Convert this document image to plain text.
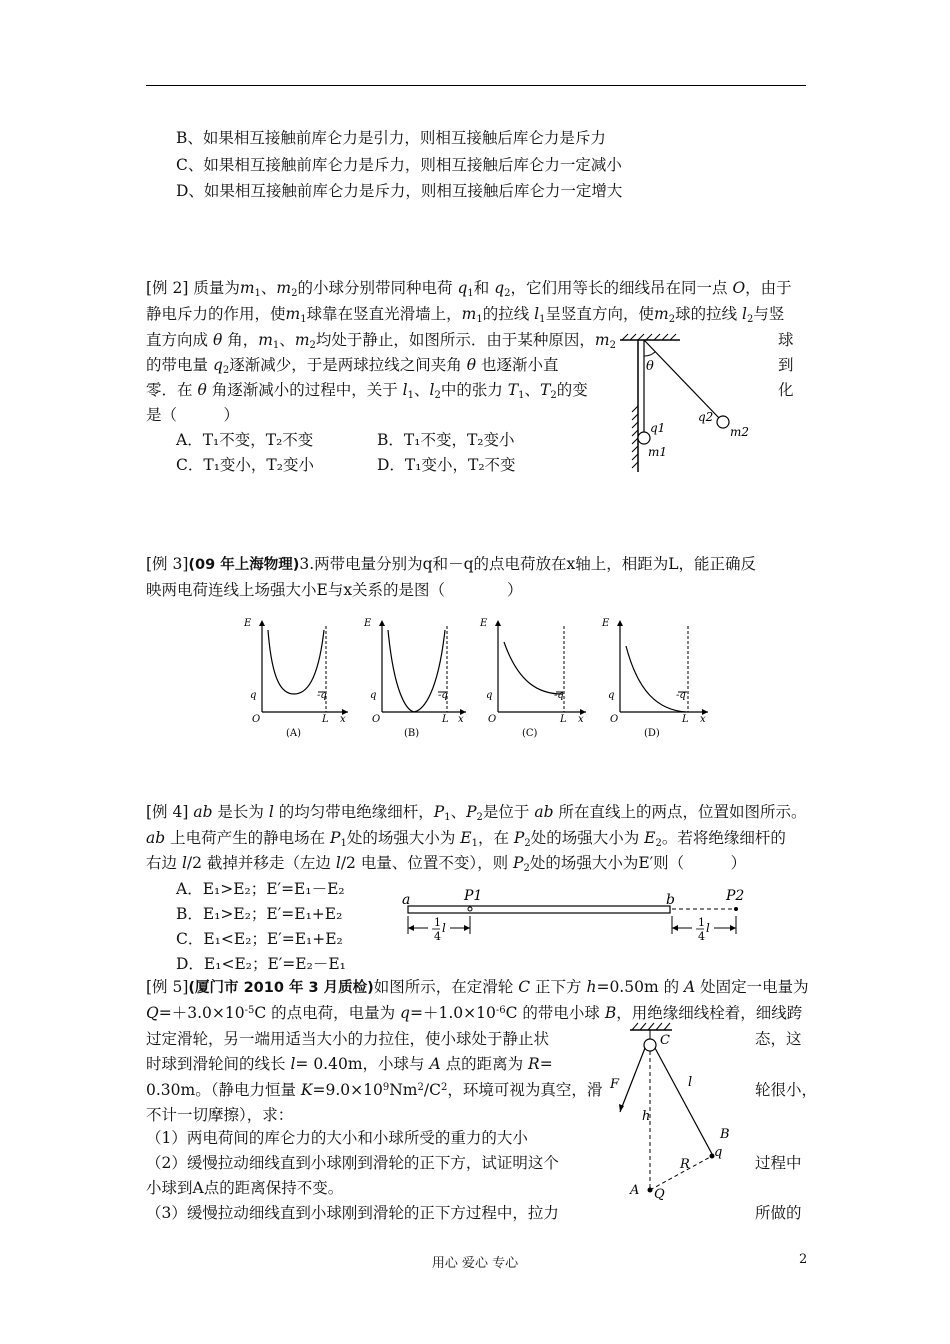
B、如果相互接触前库仑力是引力，则相互接触后库仑力是斥力
C、如果相互接触前库仑力是斥力，则相互接触后库仑力一定减小
D、如果相互接触前库仑力是斥力，则相互接触后库仑力一定增大
[例 2] 质量为$m_1$、$m_2$的小球分别带同种电荷 $q_1$和 $q_2$，它们用等长的细线吊在同一点 O，由于
静电斥力的作用，使$m_1$球靠在竖直光滑墙上，$m_1$的拉线 $l_1$呈竖直方向，使$m_2$球的拉线 $l_2$与竖
直方向成 θ 角，$m_1$、$m_2$均处于静止，如图所示．由于某种原因，$m_2$
的带电量 $q_2$逐渐减少，于是两球拉线之间夹角 θ 也逐渐小直
零．在 θ 角逐渐减小的过程中，关于 $l_1$、$l_2$中的张力 $T_1$、$T_2$的变
是（　　　）
球
到
化
A．T₁不变，T₂不变	B．T₁不变，T₂变小
C．T₁变小，T₂变小	D．T₁变小，T₂不变
θ
q1
m1
q2
m2
[例 3](09 年上海物理)3.两带电量分别为q和－q的点电荷放在x轴上，相距为L，能正确反
映两电荷连线上场强大小E与x关系的是图（　　　　）
E
q	-q
O	L x
(A)
E
q	-q
O	L x
(B)
E
q	-q
O	L x
(C)
E
q	-q
O	L x
(D)
[例 4] ab 是长为 l 的均匀带电绝缘细杆，$P_1$、$P_2$是位于 ab 所在直线上的两点，位置如图所示。
ab 上电荷产生的静电场在 $P_1$处的场强大小为 $E_1$，在 $P_2$处的场强大小为 $E_2$。若将绝缘细杆的
右边 l/2 截掉并移走（左边 l/2 电量、位置不变），则 $P_2$处的场强大小为E′则（　　　）
A．E₁>E₂；E′=E₁－E₂
B．E₁>E₂；E′=E₁+E₂
C．E₁<E₂；E′=E₁+E₂
D．E₁<E₂；E′=E₂－E₁
a	b
P1	P2
1
4
l	1
4
l
[例 5](厦门市 2010 年 3 月质检)如图所示，在定滑轮 C 正下方 h=0.50m 的 A 处固定一电量为
$Q=+3.0\times 10^{-5}C$ 的点电荷，电量为 $q=+1.0\times 10^{-6}C$ 的带电小球 B，用绝缘细线栓着，细线跨
过定滑轮，另一端用适当大小的力拉住，使小球处于静止状
时球到滑轮间的线长 l= 0.40m，小球与 A 点的距离为 R=
0.30m。（静电力恒量 $K=9.0\times 10^9Nm^2/C^2$，环境可视为真空，滑
不计一切摩擦），求：
（1）两电荷间的库仑力的大小和小球所受的重力的大小
（2）缓慢拉动细线直到小球刚到滑轮的正下方，试证明这个
小球到A点的距离保持不变。
（3）缓慢拉动细线直到小球刚到滑轮的正下方过程中，拉力
态，这
轮很小，
过程中
所做的
C
F	l
h
B
q
R
A Q
用心 爱心 专心	2
